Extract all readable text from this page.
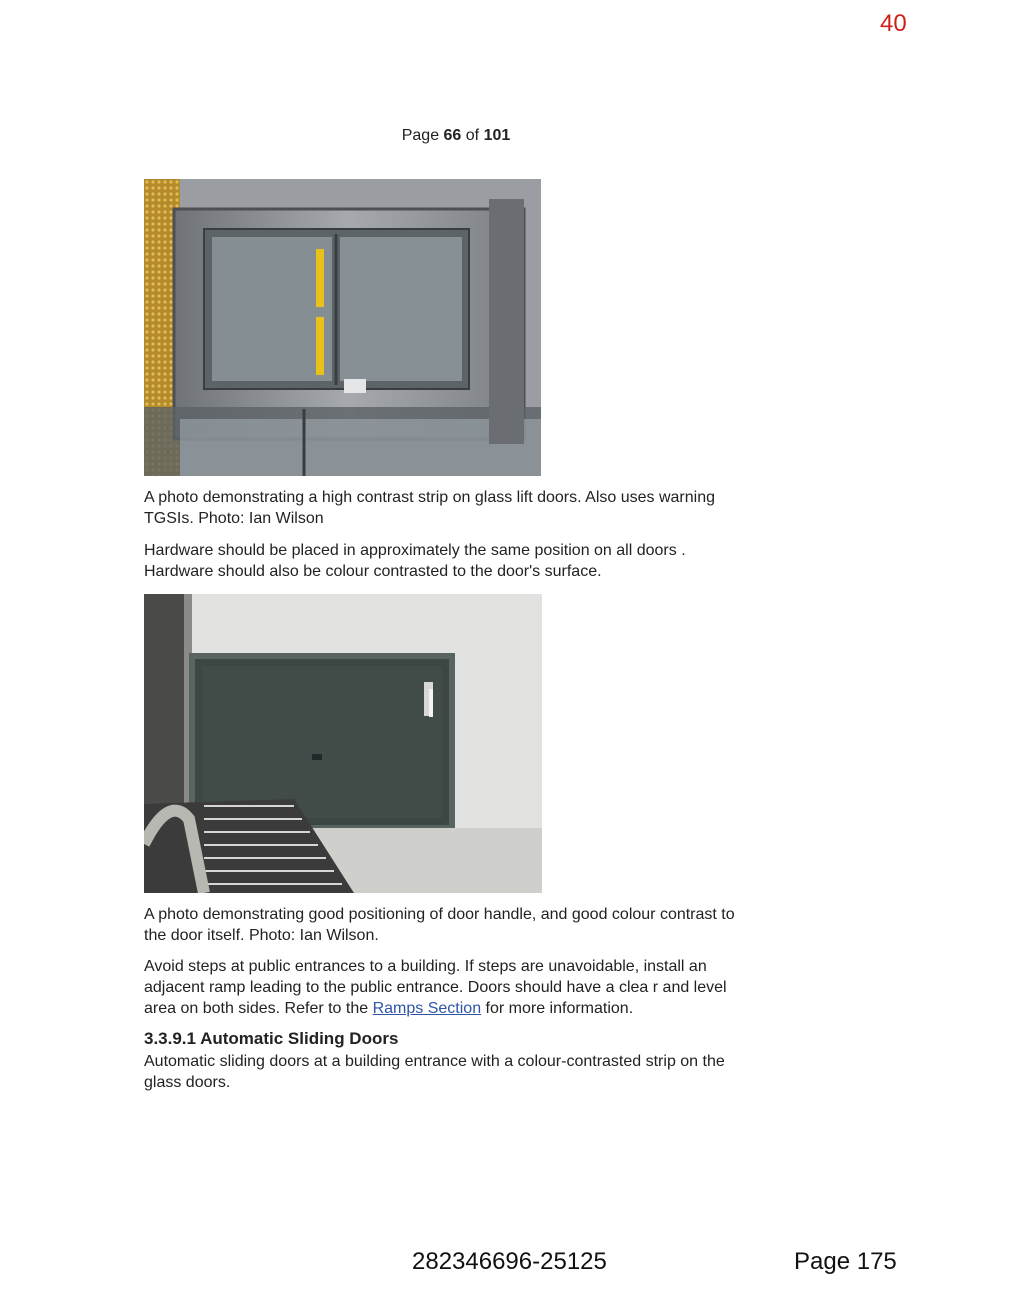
40
Page 66 of 101

A photo demonstrating a high contrast strip on glass lift doors. Also uses warning
TGSIs. Photo: Ian Wilson

Hardware should be placed in approximately the same position on all doors .
Hardware should also be colour contrasted to the door's surface.

A photo demonstrating good positioning of door handle, and good colour contrast to
the door itself. Photo: Ian Wilson.

Avoid steps at public entrances to a building. If steps are unavoidable, install an
adjacent ramp leading to the public entrance. Doors should have a clea r and level
area on both sides. Refer to the Ramps Section for more information.

3.3.9.1 Automatic Sliding Doors

Automatic sliding doors at a building entrance with a colour-contrasted strip on the
glass doors.

282346696-25125	Page 175
